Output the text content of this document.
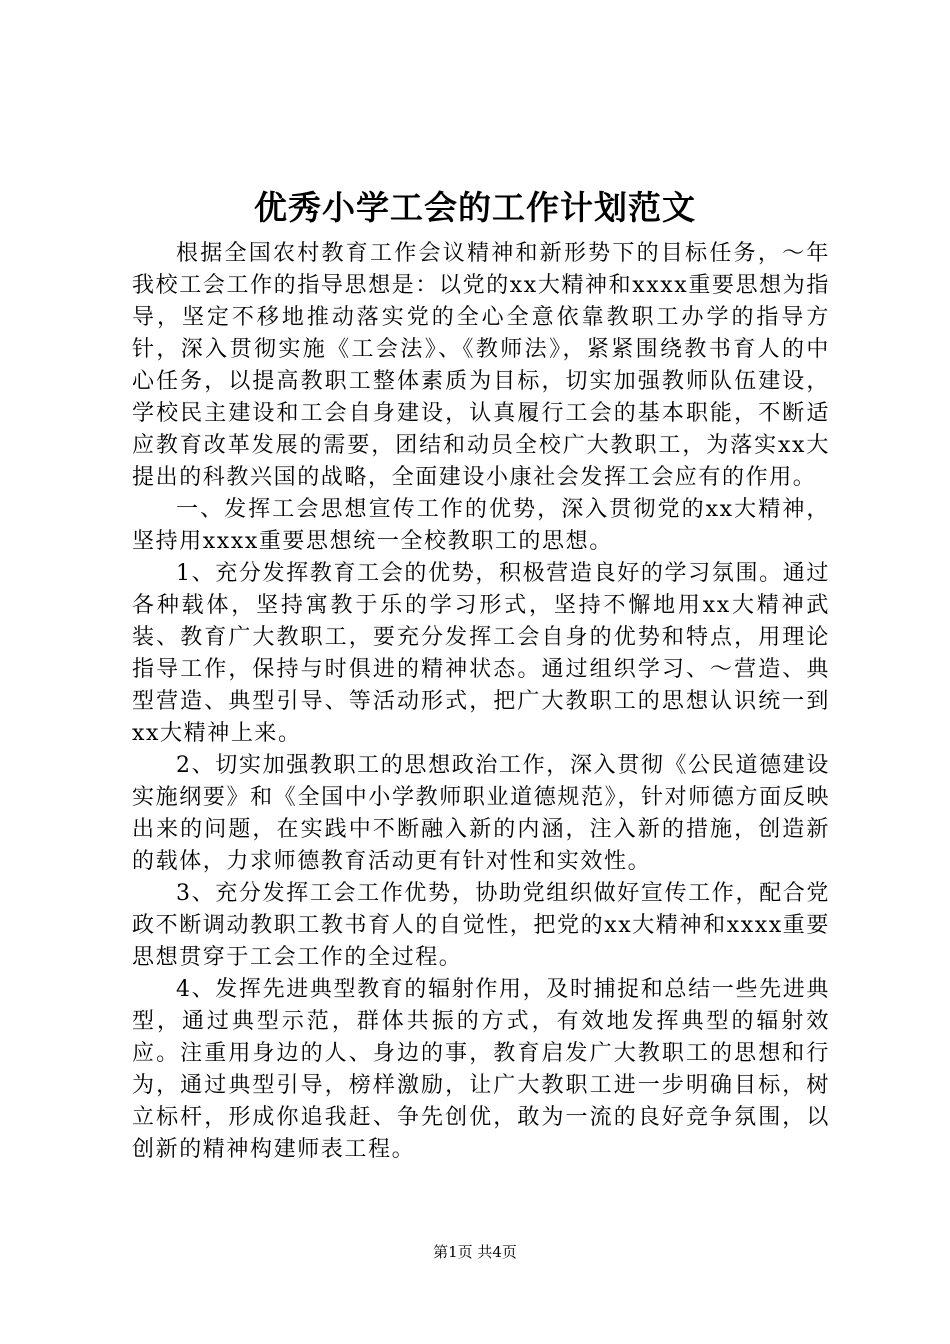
优秀小学工会的工作计划范文

根据全国农村教育工作会议精神和新形势下的目标任务，～年我校工会工作的指导思想是：以党的xx大精神和xxxx重要思想为指导，坚定不移地推动落实党的全心全意依靠教职工办学的指导方针，深入贯彻实施《工会法》、《教师法》，紧紧围绕教书育人的中心任务，以提高教职工整体素质为目标，切实加强教师队伍建设，学校民主建设和工会自身建设，认真履行工会的基本职能，不断适应教育改革发展的需要，团结和动员全校广大教职工，为落实xx大提出的科教兴国的战略，全面建设小康社会发挥工会应有的作用。

一、发挥工会思想宣传工作的优势，深入贯彻党的xx大精神，坚持用xxxx重要思想统一全校教职工的思想。

1、充分发挥教育工会的优势，积极营造良好的学习氛围。通过各种载体，坚持寓教于乐的学习形式，坚持不懈地用xx大精神武装、教育广大教职工，要充分发挥工会自身的优势和特点，用理论指导工作，保持与时俱进的精神状态。通过组织学习、～营造、典型营造、典型引导、等活动形式，把广大教职工的思想认识统一到xx大精神上来。

2、切实加强教职工的思想政治工作，深入贯彻《公民道德建设实施纲要》和《全国中小学教师职业道德规范》，针对师德方面反映出来的问题，在实践中不断融入新的内涵，注入新的措施，创造新的载体，力求师德教育活动更有针对性和实效性。

3、充分发挥工会工作优势，协助党组织做好宣传工作，配合党政不断调动教职工教书育人的自觉性，把党的xx大精神和xxxx重要思想贯穿于工会工作的全过程。

4、发挥先进典型教育的辐射作用，及时捕捉和总结一些先进典型，通过典型示范，群体共振的方式，有效地发挥典型的辐射效应。注重用身边的人、身边的事，教育启发广大教职工的思想和行为，通过典型引导，榜样激励，让广大教职工进一步明确目标，树立标杆，形成你追我赶、争先创优，敢为一流的良好竞争氛围，以创新的精神构建师表工程。

第1页 共4页
